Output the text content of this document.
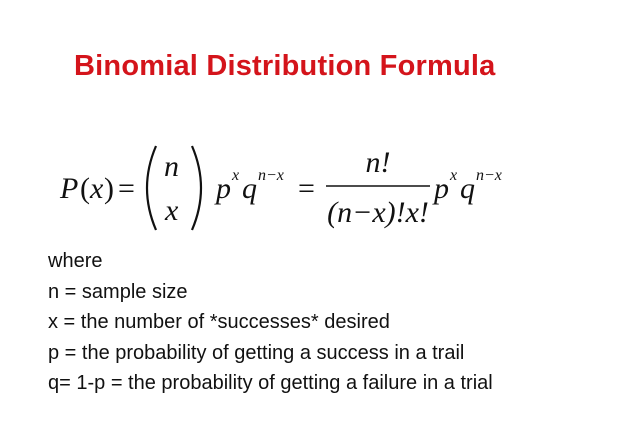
Binomial Distribution Formula
P ( x ) =
n
x
p x q n−x =
n!
(n−x)!x!
p x q n−x
where
n = sample size
x = the number of *successes* desired
p = the probability of getting a success in a trail
q= 1-p = the probability of getting a failure in a trial
